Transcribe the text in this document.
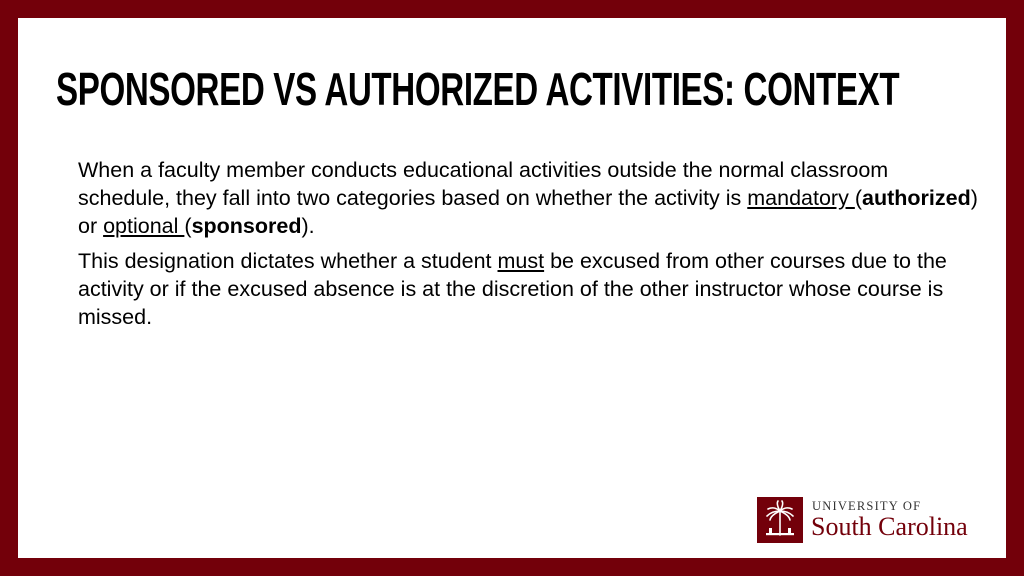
SPONSORED VS AUTHORIZED ACTIVITIES: CONTEXT

When a faculty member conducts educational activities outside the normal classroom schedule, they fall into two categories based on whether the activity is mandatory (authorized) or optional (sponsored).

This designation dictates whether a student must be excused from other courses due to the activity or if the excused absence is at the discretion of the other instructor whose course is missed.

UNIVERSITY OF
South Carolina
